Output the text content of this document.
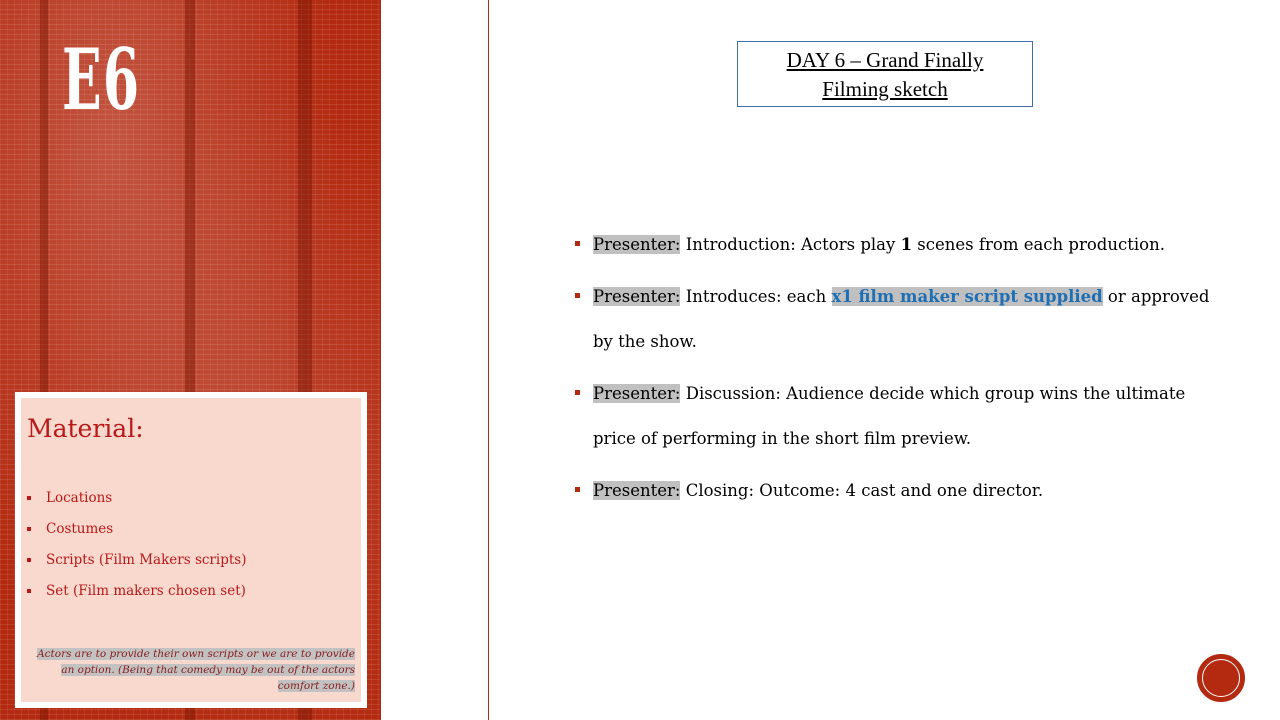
E6
Material:
Locations
Costumes
Scripts (Film Makers scripts)
Set (Film makers chosen set)
Actors are to provide their own scripts or we are to provide an option. (Being that comedy may be out of the actors comfort zone.)
DAY 6 – Grand Finally
Filming sketch
Presenter: Introduction: Actors play 1 scenes from each production.
Presenter: Introduces: each x1 film maker script supplied or approved by the show.
Presenter: Discussion: Audience decide which group wins the ultimate price of performing in the short film preview.
Presenter: Closing: Outcome: 4 cast and one director.
